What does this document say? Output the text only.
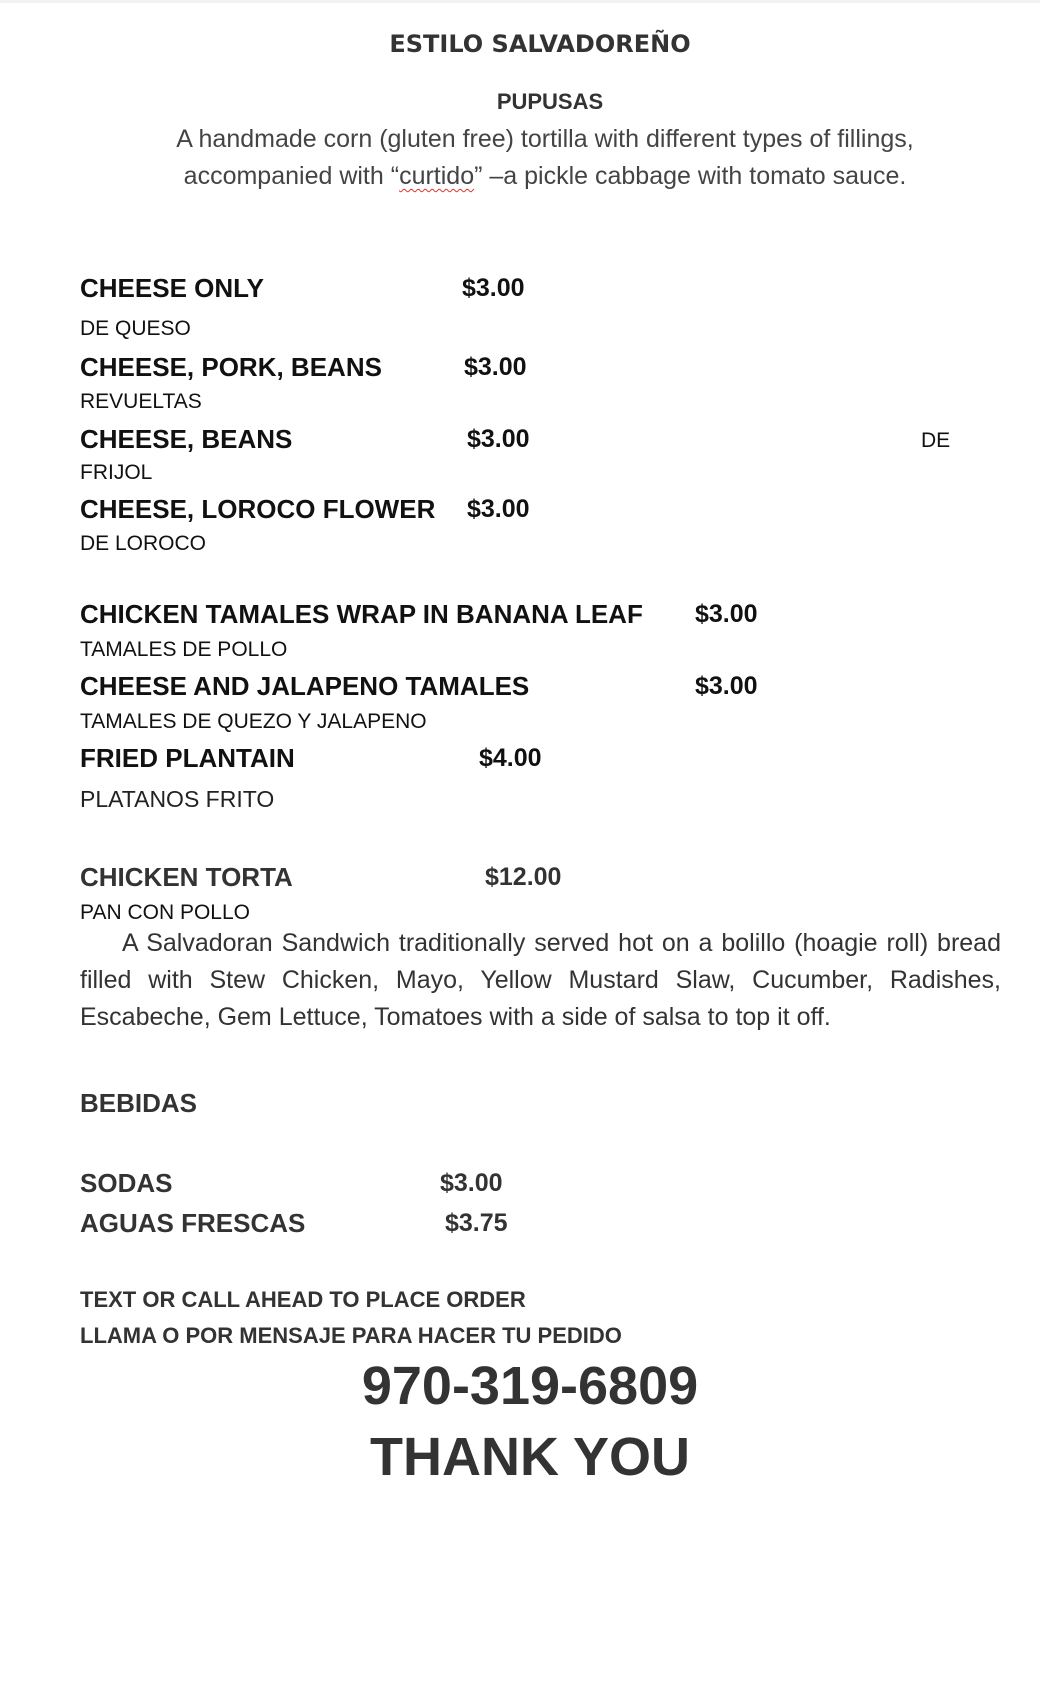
ESTILO SALVADOREÑO
PUPUSAS
A handmade corn (gluten free) tortilla with different types of fillings,
accompanied with “curtido” –a pickle cabbage with tomato sauce.
CHEESE ONLY	$3.00
DE QUESO
CHEESE, PORK, BEANS	$3.00
REVUELTAS
CHEESE, BEANS	$3.00	DE
FRIJOL
CHEESE, LOROCO FLOWER $3.00
DE LOROCO
CHICKEN TAMALES WRAP IN BANANA LEAF $3.00
TAMALES DE POLLO
CHEESE AND JALAPENO TAMALES	$3.00
TAMALES DE QUEZO Y JALAPENO
FRIED PLANTAIN	$4.00
PLATANOS FRITO
CHICKEN TORTA	$12.00
PAN CON POLLO
A Salvadoran Sandwich traditionally served hot on a bolillo (hoagie roll) bread filled with Stew Chicken, Mayo, Yellow Mustard Slaw, Cucumber, Radishes, Escabeche, Gem Lettuce, Tomatoes with a side of salsa to top it off.
BEBIDAS
SODAS	$3.00
AGUAS FRESCAS	$3.75
TEXT OR CALL AHEAD TO PLACE ORDER
LLAMA O POR MENSAJE PARA HACER TU PEDIDO
970-319-6809
THANK YOU
